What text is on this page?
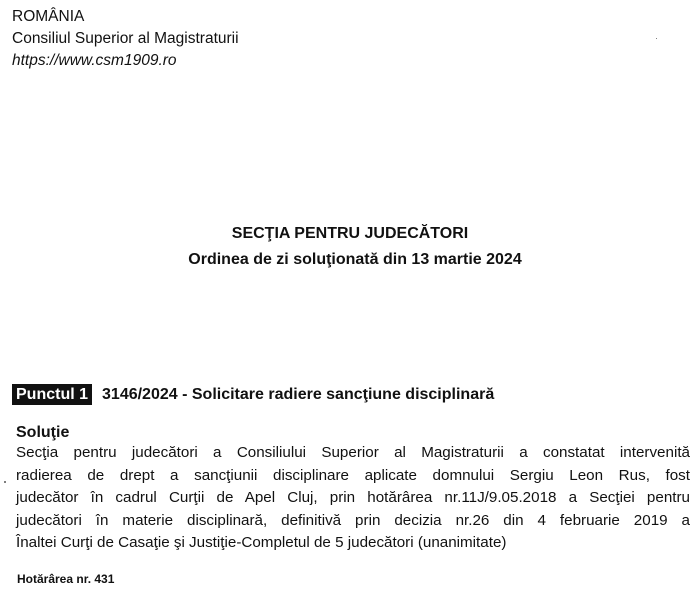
ROMÂNIA
Consiliul Superior al Magistraturii
https://www.csm1909.ro
SECŢIA PENTRU JUDECĂTORI
Ordinea de zi soluţionată din 13 martie 2024
Punctul 1 3146/2024 - Solicitare radiere sancţiune disciplinară
Soluţie
Secţia pentru judecători a Consiliului Superior al Magistraturii a constatat intervenită
radierea de drept a sancţiunii disciplinare aplicate domnului Sergiu Leon Rus, fost
judecător în cadrul Curţii de Apel Cluj, prin hotărârea nr.11J/9.05.2018 a Secţiei pentru
judecători în materie disciplinară, definitivă prin decizia nr.26 din 4 februarie 2019 a
Înaltei Curţi de Casaţie şi Justiţie-Completul de 5 judecători (unanimitate)
Hotărârea nr. 431
